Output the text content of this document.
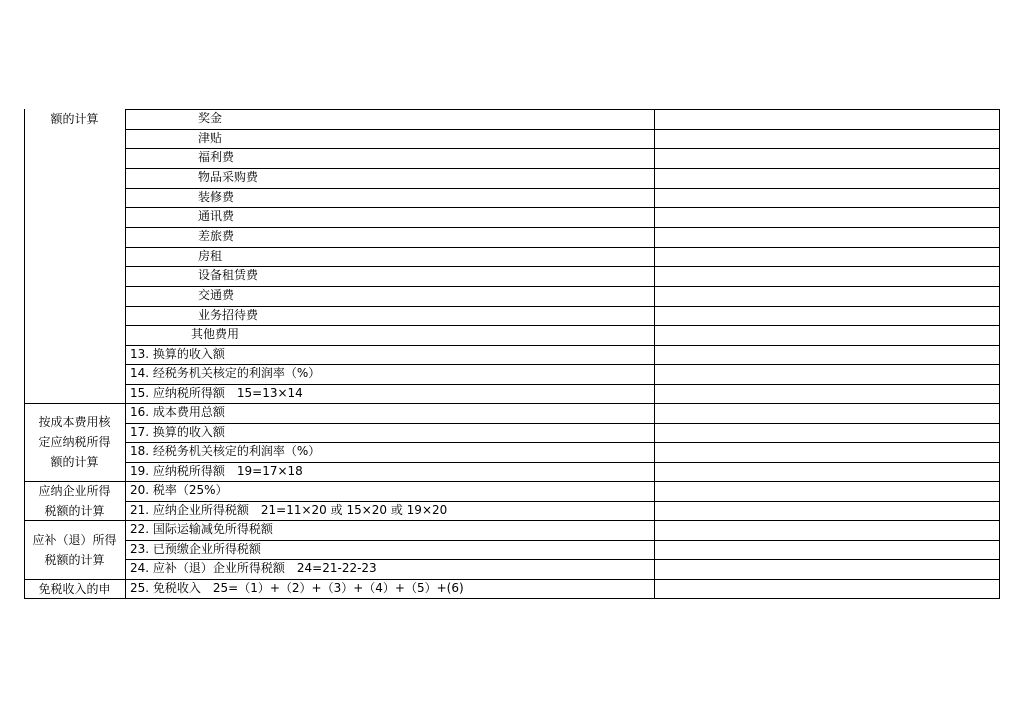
额的计算
按成本费用核
定应纳税所得
额的计算
应纳企业所得
税额的计算
应补（退）所得
税额的计算
免税收入的申
奖金
津贴
福利费
物品采购费
装修费
通讯费
差旅费
房租
设备租赁费
交通费
业务招待费
其他费用
13. 换算的收入额
14. 经税务机关核定的利润率（%）
15. 应纳税所得额　15=13×14
16. 成本费用总额
17. 换算的收入额
18. 经税务机关核定的利润率（%）
19. 应纳税所得额　19=17×18
20. 税率（25%）
21. 应纳企业所得税额　21=11×20 或 15×20 或 19×20
22. 国际运输减免所得税额
23. 已预缴企业所得税额
24. 应补（退）企业所得税额　24=21-22-23
25. 免税收入　25=（1）+（2）+（3）+（4）+（5）+(6)
